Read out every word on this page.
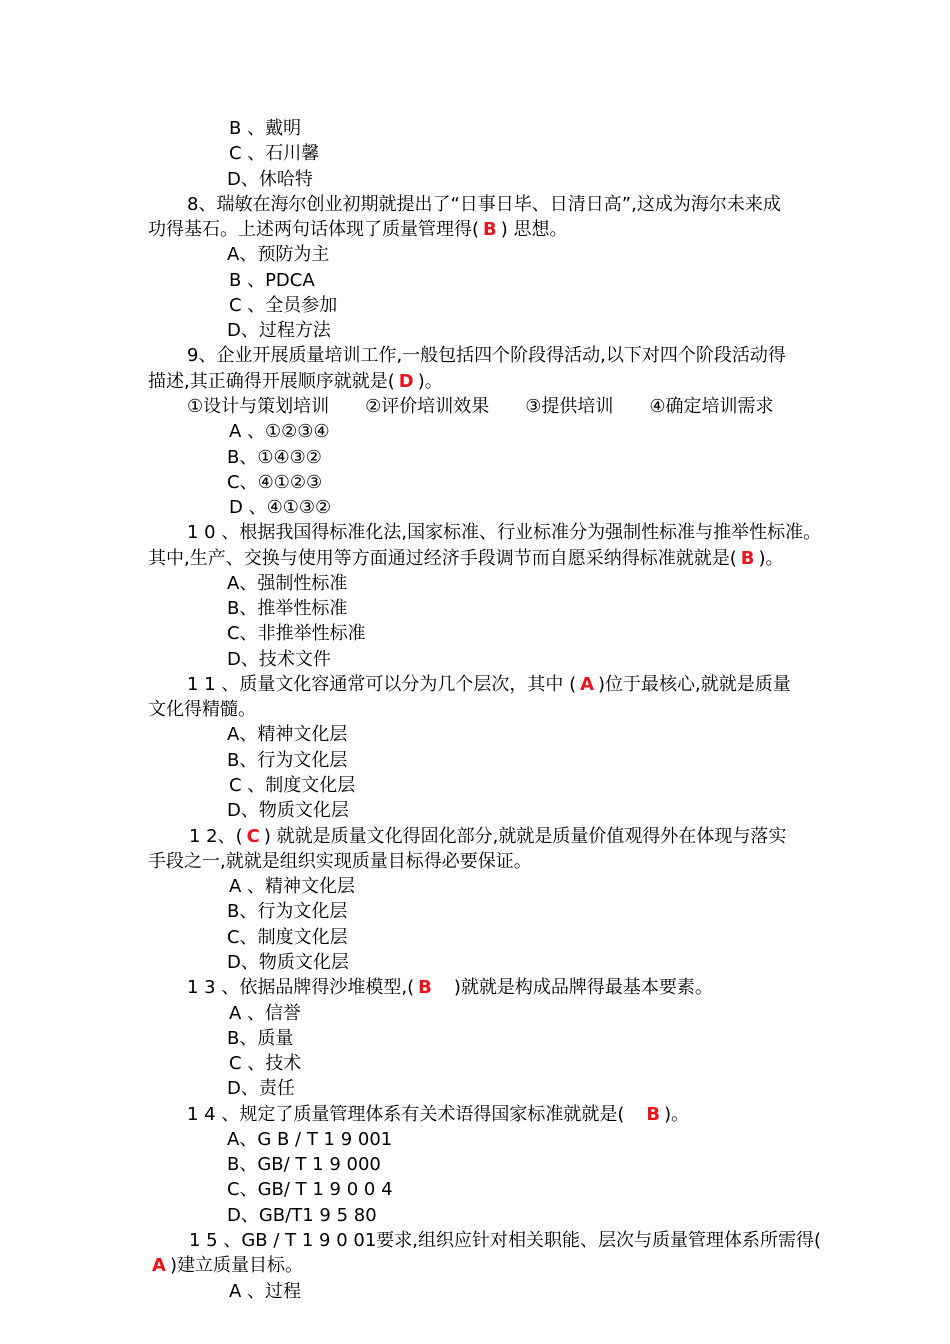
B 、戴明
C 、石川馨
D、休哈特
8、瑞敏在海尔创业初期就提出了“日事日毕、日清日高”,这成为海尔未来成
功得基石。上述两句话体现了质量管理得( B ) 思想。
A、预防为主
B 、PDCA
C 、全员参加
D、过程方法
9、企业开展质量培训工作,一般包括四个阶段得活动,以下对四个阶段活动得
描述,其正确得开展顺序就就是( D )。
①设计与策划培训　　②评价培训效果　　③提供培训　　④确定培训需求
A 、①②③④
B、①④③②
C、④①②③
D 、④①③②
1 0 、根据我国得标准化法,国家标准、行业标准分为强制性标准与推举性标准。
其中,生产、交换与使用等方面通过经济手段调节而自愿采纳得标准就就是( B )。
A、强制性标准
B、推举性标准
C、非推举性标准
D、技术文件
1 1 、质量文化容通常可以分为几个层次，其中 ( A )位于最核心,就就是质量
文化得精髓。
A、精神文化层
B、行为文化层
C 、制度文化层
D、物质文化层
1 2、( C ) 就就是质量文化得固化部分,就就是质量价值观得外在体现与落实
手段之一,就就是组织实现质量目标得必要保证。
A 、精神文化层
B、行为文化层
C、制度文化层
D、物质文化层
1 3 、依据品牌得沙堆模型,( B　)就就是构成品牌得最基本要素。
A 、信誉
B、质量
C 、技术
D、责任
1 4 、规定了质量管理体系有关术语得国家标准就就是(　B )。
A、G B / T 1 9 001
B、GB/ T 1 9 000
C、GB/ T 1 9 0 0 4
D、GB/T1 9 5 80
1 5 、GB / T 1 9 0 01要求,组织应针对相关职能、层次与质量管理体系所需得(
A )建立质量目标。
A 、过程
